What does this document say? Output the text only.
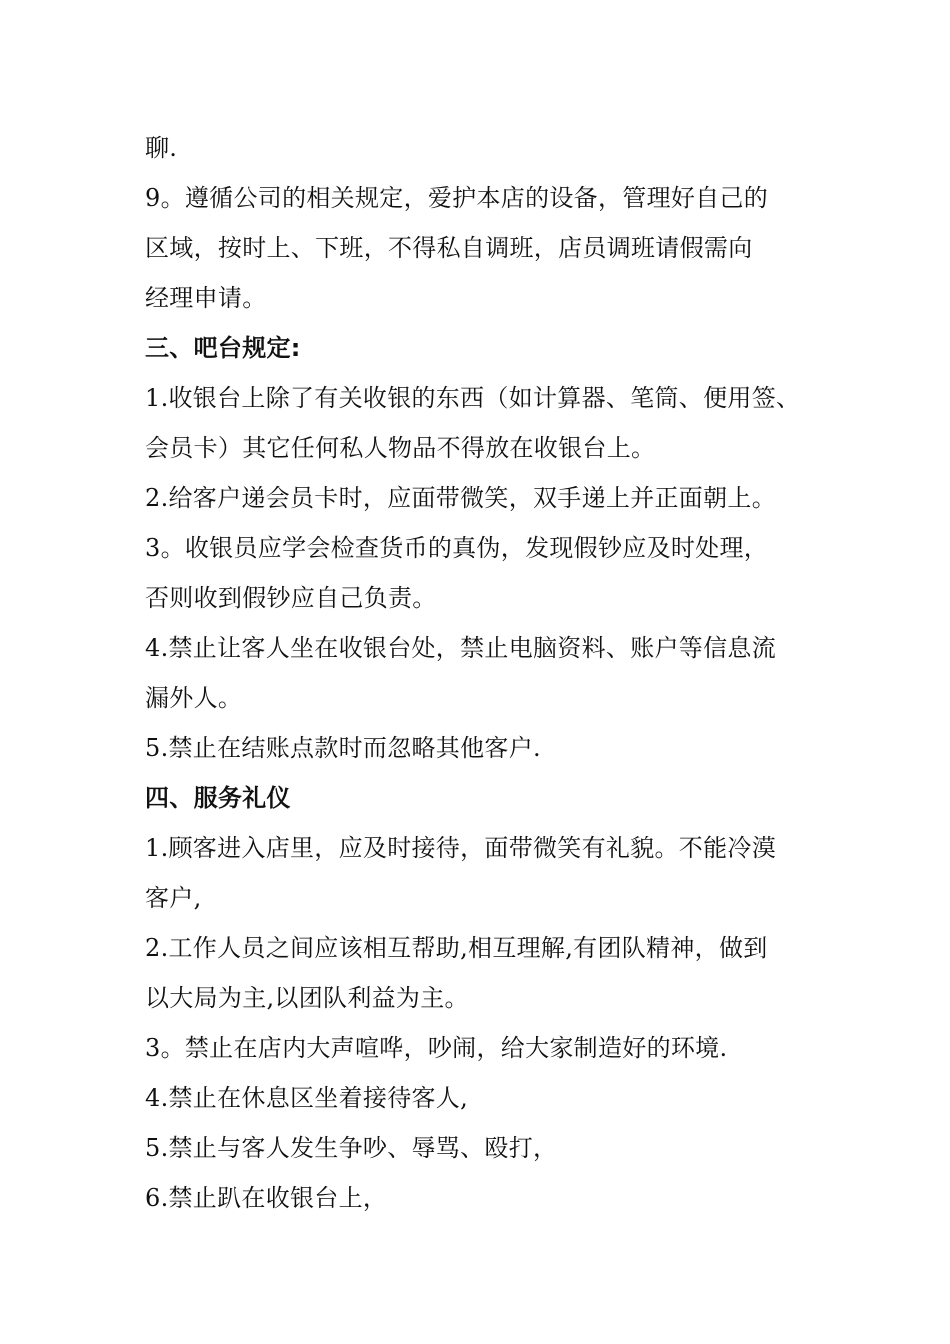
聊.
9。遵循公司的相关规定，爱护本店的设备，管理好自己的
区域，按时上、下班，不得私自调班，店员调班请假需向
经理申请。
三、吧台规定:
1.收银台上除了有关收银的东西（如计算器、笔筒、便用签、
会员卡）其它任何私人物品不得放在收银台上。
2.给客户递会员卡时，应面带微笑，双手递上并正面朝上。
3。收银员应学会检查货币的真伪，发现假钞应及时处理，
否则收到假钞应自己负责。
4.禁止让客人坐在收银台处，禁止电脑资料、账户等信息流
漏外人。
5.禁止在结账点款时而忽略其他客户.
四、服务礼仪
1.顾客进入店里，应及时接待，面带微笑有礼貌。不能冷漠
客户,
2.工作人员之间应该相互帮助,相互理解,有团队精神，做到
以大局为主,以团队利益为主。
3。禁止在店内大声喧哗，吵闹，给大家制造好的环境.
4.禁止在休息区坐着接待客人,
5.禁止与客人发生争吵、辱骂、殴打，
6.禁止趴在收银台上，
